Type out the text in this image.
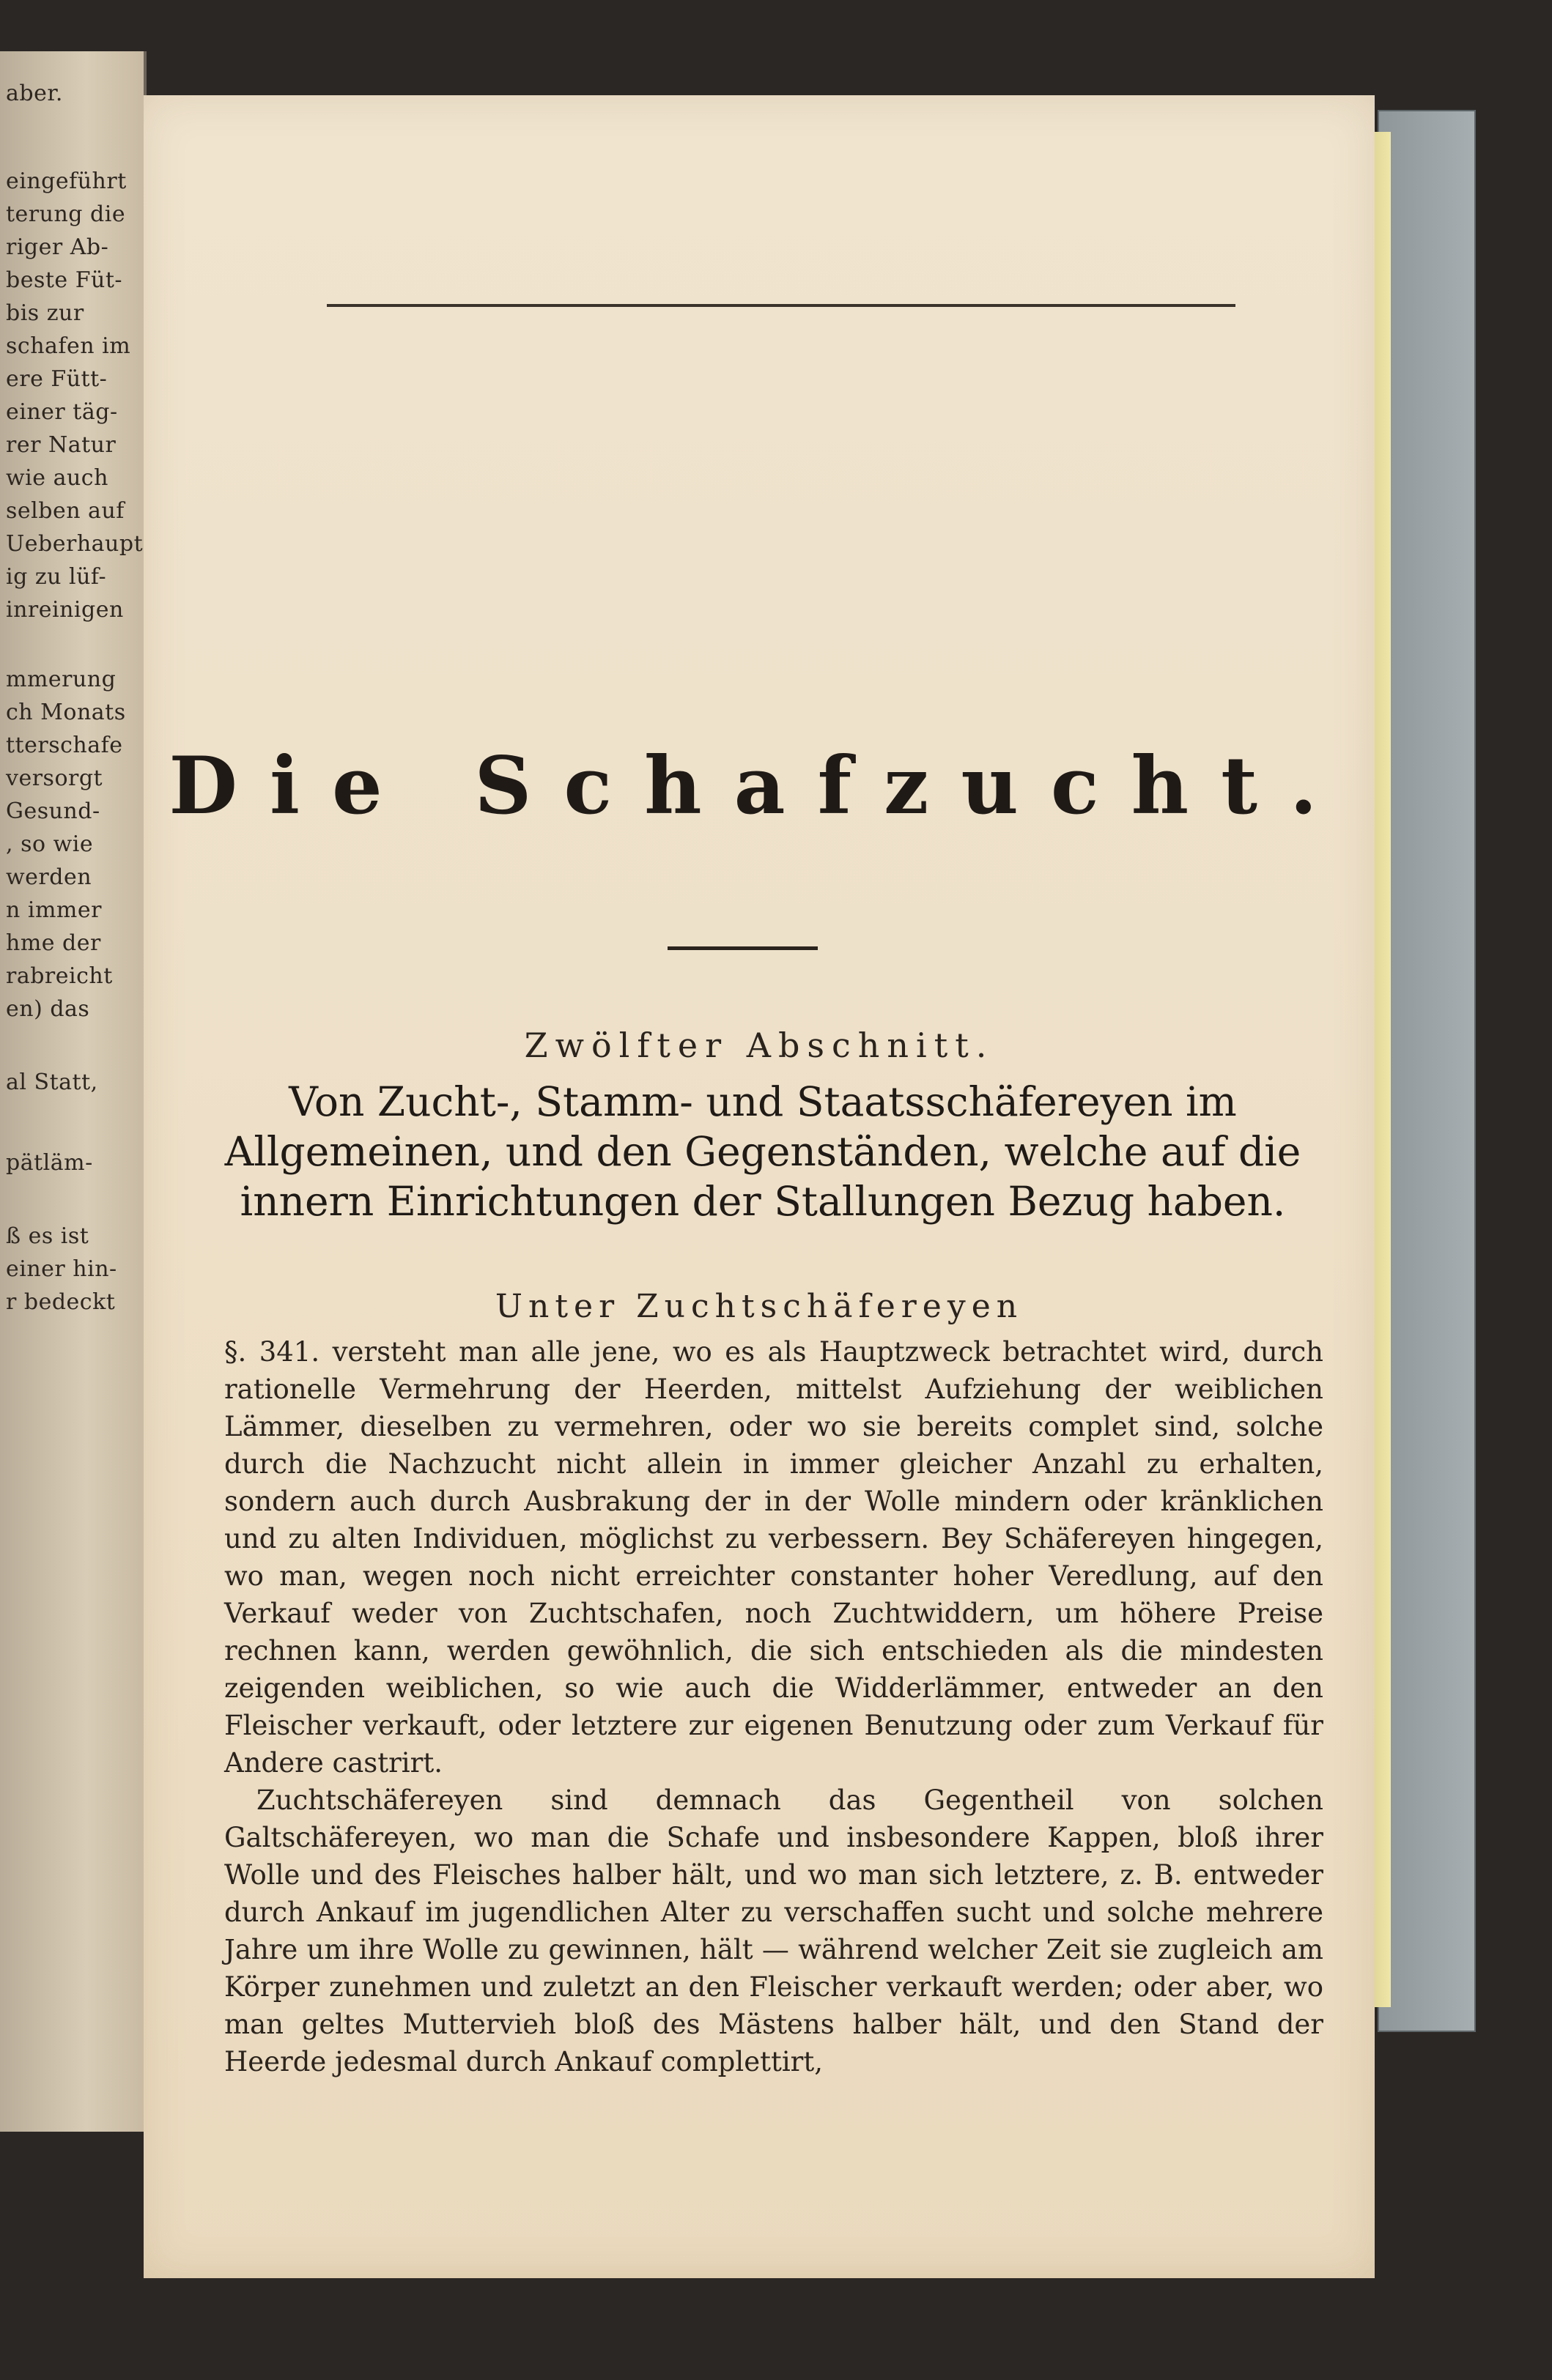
aber.
eingeführt
terung die
riger Ab-
beste Füt-
bis zur
schafen im
ere Fütt-
einer täg-
rer Natur
wie auch
selben auf
Ueberhaupt
ig zu lüf-
inreinigen
mmerung
ch Monats
tterschafe
versorgt
Gesund-
, so wie
werden
n immer
hme der
rabreicht
en) das
al Statt,
pätläm-
ß es ist
einer hin-
r bedeckt
Die Schafzucht.
Zwölfter Abschnitt.
Von Zucht-, Stamm- und Staatsschäfereyen im Allgemeinen, und den Gegenständen, welche auf die innern Einrichtungen der Stallungen Bezug haben.
Unter Zuchtschäfereyen

§. 341. versteht man alle jene, wo es als Hauptzweck betrachtet wird, durch rationelle Vermehrung der Heerden, mittelst Aufziehung der weiblichen Lämmer, dieselben zu vermehren, oder wo sie bereits complet sind, solche durch die Nachzucht nicht allein in immer gleicher Anzahl zu erhalten, sondern auch durch Ausbrakung der in der Wolle mindern oder kränklichen und zu alten Individuen, möglichst zu verbessern. Bey Schäfereyen hingegen, wo man, wegen noch nicht erreichter constanter hoher Veredlung, auf den Verkauf weder von Zuchtschafen, noch Zuchtwiddern, um höhere Preise rechnen kann, werden gewöhnlich, die sich entschieden als die mindesten zeigenden weiblichen, so wie auch die Widderlämmer, entweder an den Fleischer verkauft, oder letztere zur eigenen Benutzung oder zum Verkauf für Andere castrirt.

Zuchtschäfereyen sind demnach das Gegentheil von solchen Galtschäfereyen, wo man die Schafe und insbesondere Kappen, bloß ihrer Wolle und des Fleisches halber hält, und wo man sich letztere, z. B. entweder durch Ankauf im jugendlichen Alter zu verschaffen sucht und solche mehrere Jahre um ihre Wolle zu gewinnen, hält — während welcher Zeit sie zugleich am Körper zunehmen und zuletzt an den Fleischer verkauft werden; oder aber, wo man geltes Muttervieh bloß des Mästens halber hält, und den Stand der Heerde jedesmal durch Ankauf complettirt,
